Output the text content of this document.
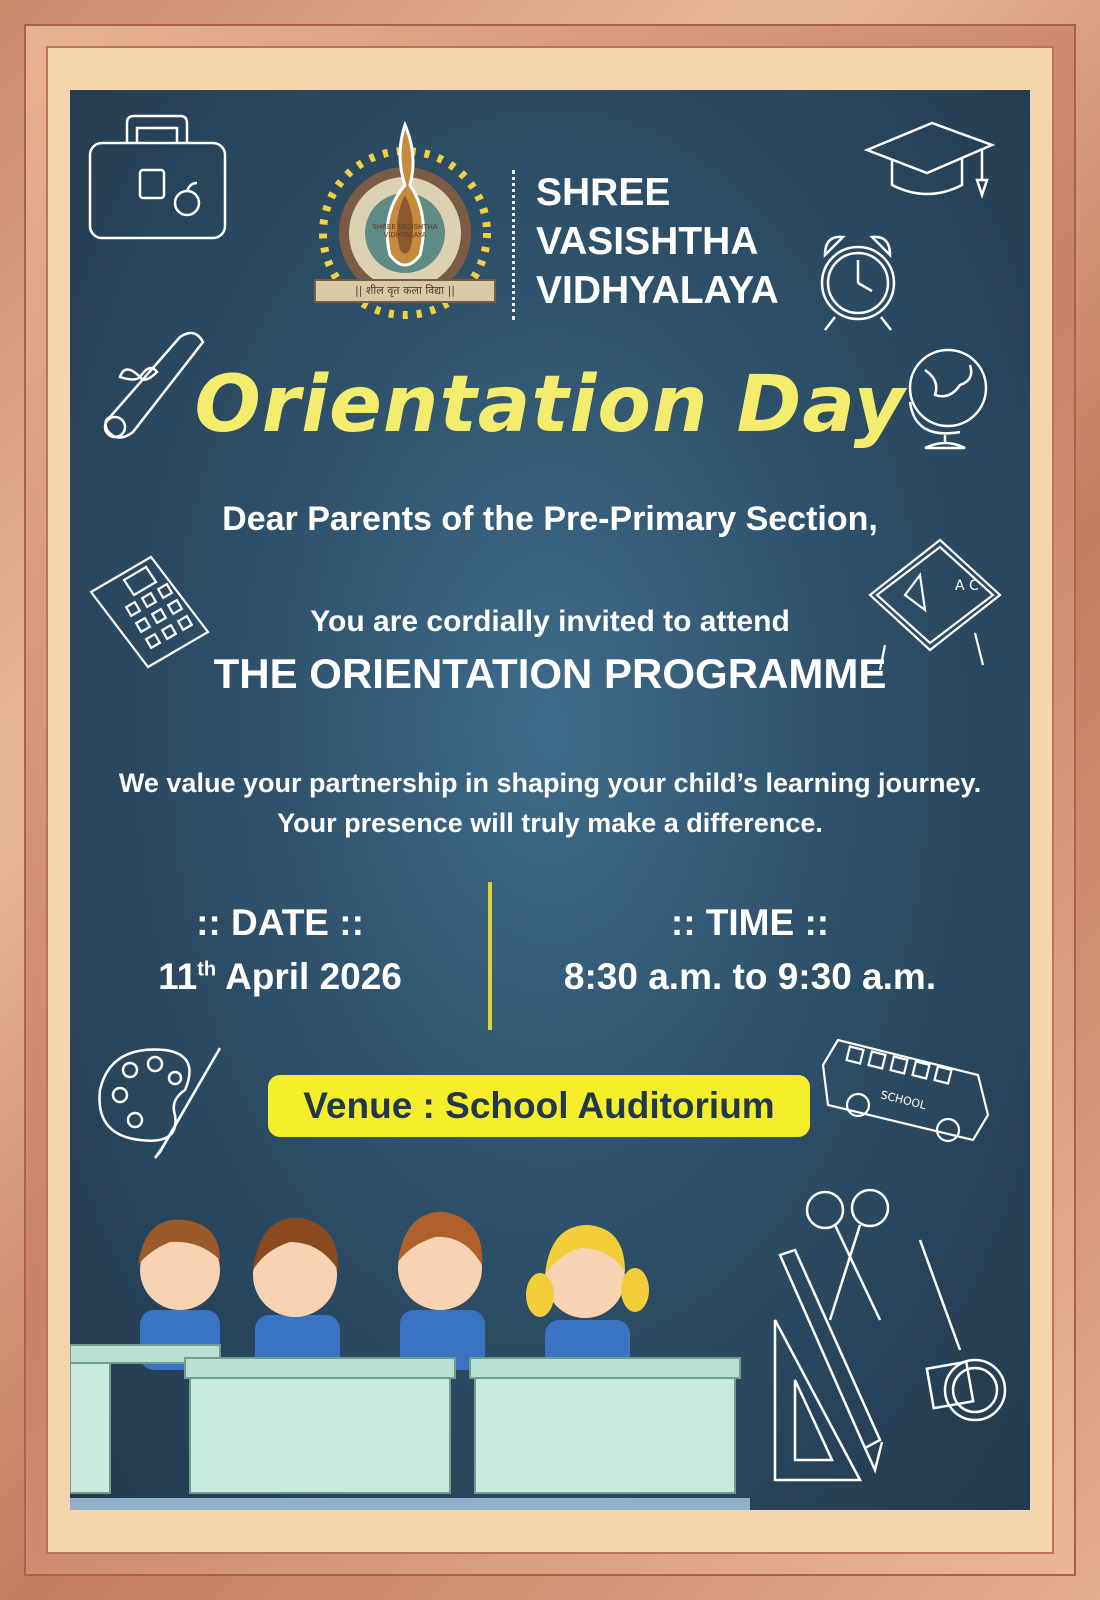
A C
SCHOOL
|| शील वृत कला विद्या ||
SHREE VASISHTHA VIDHYALAYA
SHREE
VASISHTHA
VIDHYALAYA
Orientation Day
Dear Parents of the Pre-Primary Section,
You are cordially invited to attend
THE ORIENTATION PROGRAMME
We value your partnership in shaping your child’s learning journey.
Your presence will truly make a difference.
:: DATE ::
11th April 2026
:: TIME ::
8:30 a.m. to 9:30 a.m.
Venue : School Auditorium
